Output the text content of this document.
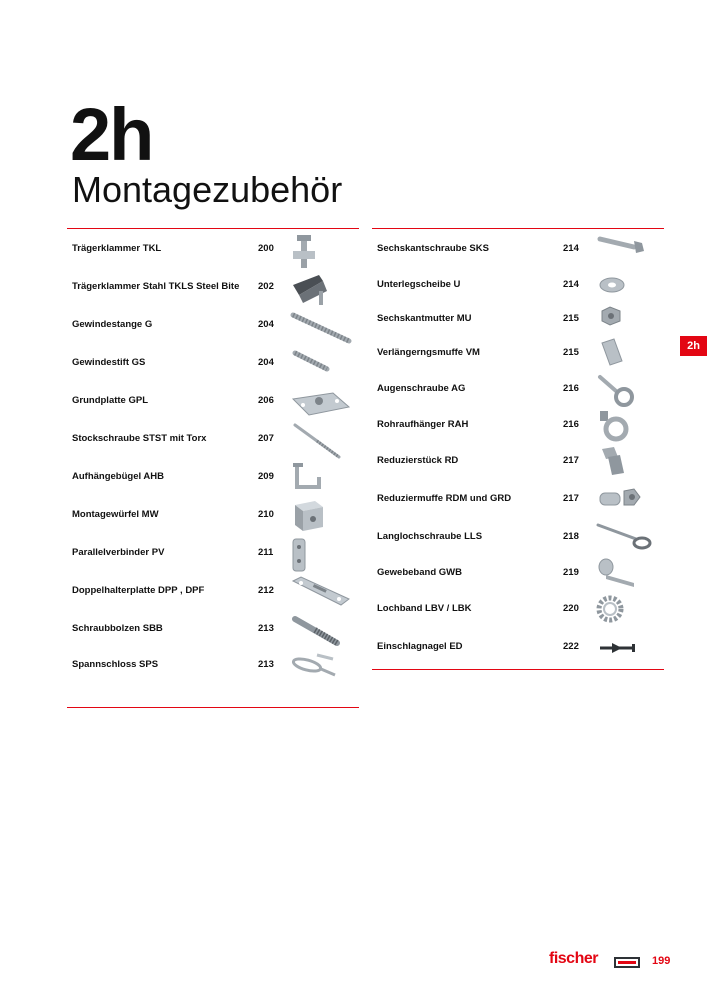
2h
Montagezubehör
Trägerklammer TKL	200
Trägerklammer Stahl TKLS Steel Bite 202
Gewindestange G	204
Gewindestift GS	204
Grundplatte GPL	206
Stockschraube STST mit Torx	207
Aufhängebügel AHB	209
Montagewürfel MW	210
Parallelverbinder PV	211
Doppelhalterplatte DPP , DPF	212
Schraubbolzen SBB	213
Spannschloss SPS	213
Sechskantschraube SKS	214
Unterlegscheibe U	214
Sechskantmutter MU	215
Verlängerngsmuffe VM	215
Augenschraube AG	216
Rohraufhänger RAH	216
Reduzierstück RD	217
Reduziermuffe RDM und GRD	217
Langlochschraube LLS	218
Gewebeband GWB	219
Lochband LBV / LBK	220
Einschlagnagel ED	222
2h
fischer	199
